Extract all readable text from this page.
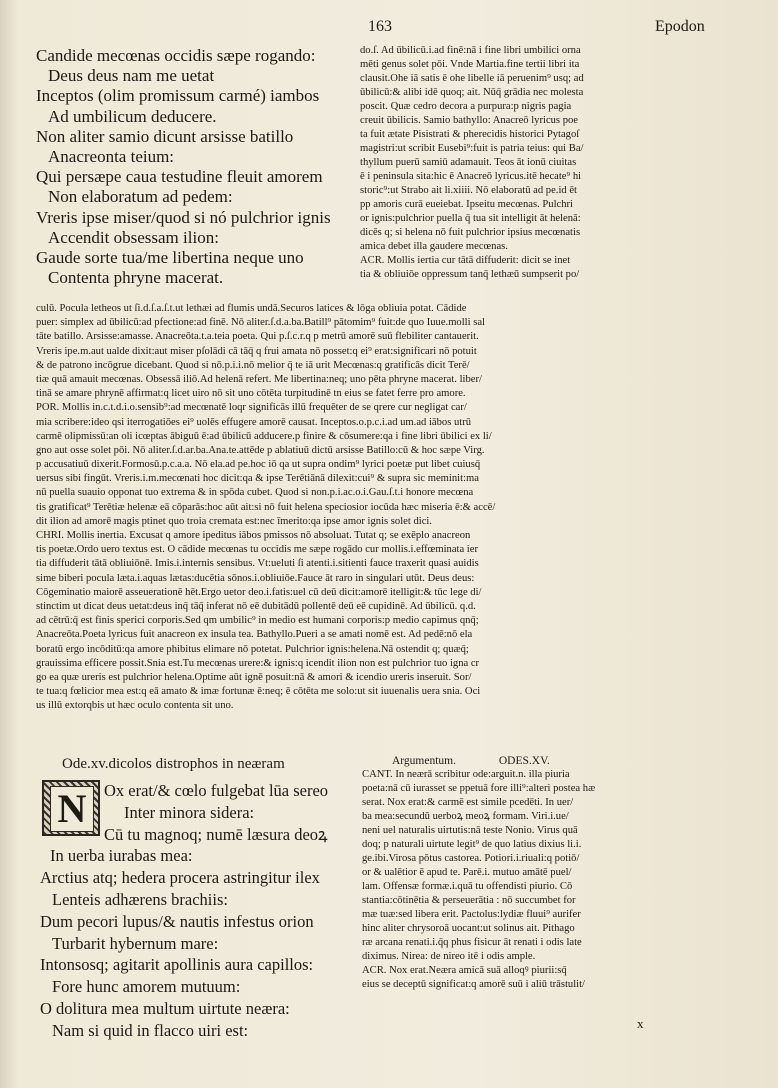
163	Epodon
Candide mecœnas occidis sæpe rogando:
Deus deus nam me uetat
Inceptos (olim promissum carmé) iambos
Ad umbilicum deducere.
Non aliter samio dicunt arsisse batillo
Anacreonta teium:
Qui persæpe caua testudine fleuit amorem
Non elaboratum ad pedem:
Vreris ipse miser/quod si nó pulchrior ignis
Accendit obsessam ilion:
Gaude sorte tua/me libertina neque uno
Contenta phryne macerat.
do.ſ. Ad ūbilicū.i.ad finē:nā i fine libri umbilici orna
mēti genus solet pōi. Vnde Martia.fine tertii libri ita
clausit.Ohe iā satis ē ohe libelle iā peruenim⁹ usq; ad
ūbilicū:& alibi idē quoq; ait. Nūq̄ grādia nec molesta
poscit. Quæ cedro decora a purpura:p nigris pagia
creuit ūbilicis. Samio bathyllo: Anacreō lyricus poe
ta fuit ætate Pisistrati & pherecidis historici Pytagoſ
magistri:ut scribit Eusebi⁹:fuit is patria teius: qui Ba/
thyllum puerū samiū adamauit. Teos āt ionū ciuitas
ē i peninsula sita:hic ē Anacreō lyricus.itē hecate⁹ hi
storic⁹:ut Strabo ait li.xiiii. Nō elaboratū ad pe.id ēt
pp amoris curā eueiebat. Ipseitu mecœnas. Pulchri
or ignis:pulchrior puella q̄ tua sit intelligit āt helenā:
dicēs q; si helena nō fuit pulchrior ipsius mecœnatis
amica debet illa gaudere mecœnas.
ACR. Mollis iertia cur tātā diffuderit: dicit se inet
tia & obliuiōe oppressum tanq̄ lethæū sumpserit po/
culū. Pocula letheos ut ſi.d.ſ.a.ſ.t.ut lethæi ad flumis undā.Securos latices & lōga obliuia potat. Cādide
puer: simplex ad ūbilicū:ad pfectione:ad finē. Nō aliter.ſ.d.a.ba.Batill⁹ pātomim⁹ fuit:de quo Iuue.molli sal
tāte batillo. Arsisse:amasse. Anacreōta.t.a.teia poeta. Qui p.ſ.c.r.q p metrū amorē suū flebiliter cantauerit.
Vreris ipe.m.aut ualde dixit:aut miser pſolādi cā tāq̄ q frui amata nō posset:q ei⁹ erat:significari nō potuit
& de patrono incōgrue dicebant. Quod si nō.p.i.i.nō melior q̄ te iā urit Mecœnas:q gratificās dicit Terē/
tiæ quā amauit mecœnas. Obsessā iliō.Ad helenā refert. Me libertina:neq; uno pēta phryne macerat. liber/
tinā se amare phrynē affirmat:q licet uiro nō sit uno cōtēta turpitudinē tn eius se fatet ferre pro amore.
POR. Mollis in.c.t.d.i.o.sensib⁹:ad mecœnatē loqr significās illū frequēter de se qrere cur negligat car/
mia scribere:ideo qsi iterrogatiōes ei⁹ uolēs effugere amorē causat. Inceptos.o.p.c.i.ad um.ad iābos utrū
carmē olipmissū:an oli icœptas ābiguū ē:ad ūbilicū adducere.p finire & cōsumere:qa i fine libri ūbilici ex li/
gno aut osse solet pōi. Nō aliter.ſ.d.ar.ba.Ana.te.attēde p ablatiuū dictū arsisse Batillo:cū & hoc sæpe Virg.
p accusatiuū dixerit.Formosū.p.c.a.a. Nō ela.ad pe.hoc iō qa ut supra ondim⁹ lyrici poetæ put libet cuiusq̄
uersus sibi fingūt. Vreris.i.m.mecœnati hoc dicit:qa & ipse Terētiānā dilexit:cui⁹ & supra sic meminit:ma
nū puella suauio opponat tuo extrema & in spōda cubet. Quod si non.p.i.ac.o.i.Gau.ſ.t.i honore mecœna
tis gratificat⁹ Terētiæ helenæ eā cōparās:hoc aūt ait:si nō fuit helena speciosior iocūda hæc miseria ē:& accē/
dit ilion ad amorē magis ptinet quo troia cremata est:nec īmerito:qa ipse amor ignis solet dici.
CHRI. Mollis inertia. Excusat q amore ipeditus iābos pmissos nō absoluat. Tutat q; se exēplo anacreon
tis poetæ.Ordo uero textus est. O cādide mecœnas tu occidis me sæpe rogādo cur mollis.i.effœminata ier
tia diffuderit tātā obliuiōnē. Imis.i.internis sensibus. Vt:ueluti ſi atenti.i.sitienti fauce traxerit quasi auidis
sime biberi pocula læta.i.aquas lætas:ducētia sōnos.i.obliuiōe.Fauce āt raro in singulari utūt. Deus deus:
Cōgeminatio maiorē asseuerationē hēt.Ergo uetor deo.i.fatis:uel cū deū dicit:amorē itelligit:& tūc lege di/
stinctim ut dicat deus uetat:deus inq̄ tāq̄ inferat nō eē dubitādū pollentē deū eē cupidinē. Ad ūbilicū. q.d.
ad cētrū:q̄ est finis sperici corporis.Sed qm umbilic⁹ in medio est humani corporis:p medio capimus qnq̄;
Anacreōta.Poeta lyricus fuit anacreon ex insula tea. Bathyllo.Pueri a se amati nomē est. Ad pedē:nō ela
boratū ergo incōditū:qa amore phibitus elimare nō potetat. Pulchrior ignis:helena.Nā ostendit q; quæq̄;
grauissima efficere possit.Snia est.Tu mecœnas urere:& ignis:q icendit ilion non est pulchrior tuo igna cr
go ea quæ ureris est pulchrior helena.Optime aūt ignē posuit:nā & amori & icendio ureris inseruit. Sor/
te tua:q fœlicior mea est:q eā amato & imæ fortunæ ē:neq; ē cōtēta me solo:ut sit iuuenalis uera snia. Oci
us illū extorqbis ut hæc oculo contenta sit uno.
Ode.xv.dicolos distrophos in neæram
N	Ox erat/& cœlo fulgebat lūa sereo
Inter minora sidera:
Cū tu magnoq; numē læsura deoꝝ
In uerba iurabas mea:
Arctius atq; hedera procera astringitur ilex
Lenteis adhærens brachiis:
Dum pecori lupus/& nautis infestus orion
Turbarit hybernum mare:
Intonsosq; agitarit apollinis aura capillos:
Fore hunc amorem mutuum:
O dolitura mea multum uirtute neæra:
Nam si quid in flacco uiri est:
Argumentum.	ODES.XV.
CANT. In neærā scribitur ode:arguit.n. illa piuria
poeta:nā cū iurasset se ppetuā fore illi⁹:alteri postea hæ
serat. Nox erat:& carmē est simile pcedēti. In uer/
ba mea:secundū uerboꝝ meoꝝ formam. Viri.i.ue/
neni uel naturalis uirtutis:nā teste Nonio. Virus quā
doq; p naturali uirtute legit⁹ de quo latius dixius li.i.
ge.ibi.Virosa pōtus castorea. Potiori.i.riuali:q potiō/
or & ualētior ē apud te. Parē.i. mutuo amātē puel/
lam. Offensæ formæ.i.quā tu offendisti piurio. Cō
stantia:cōtinētia & perseuerātia : nō succumbet for
mæ tuæ:sed libera erit. Pactolus:lydiæ fluui⁹ aurifer
hinc aliter chrysoroā uocant:ut solinus ait. Pithago
ræ arcana renati.i.q̄q phus fisicur āt renati i odis late
diximus. Nirea: de nireo itē i odis ample.
ACR. Nox erat.Neæra amicā suā alloqꝰ piurii:sq̄
eius se deceptū significat:q amorē suū i aliū trāstulit/
x
